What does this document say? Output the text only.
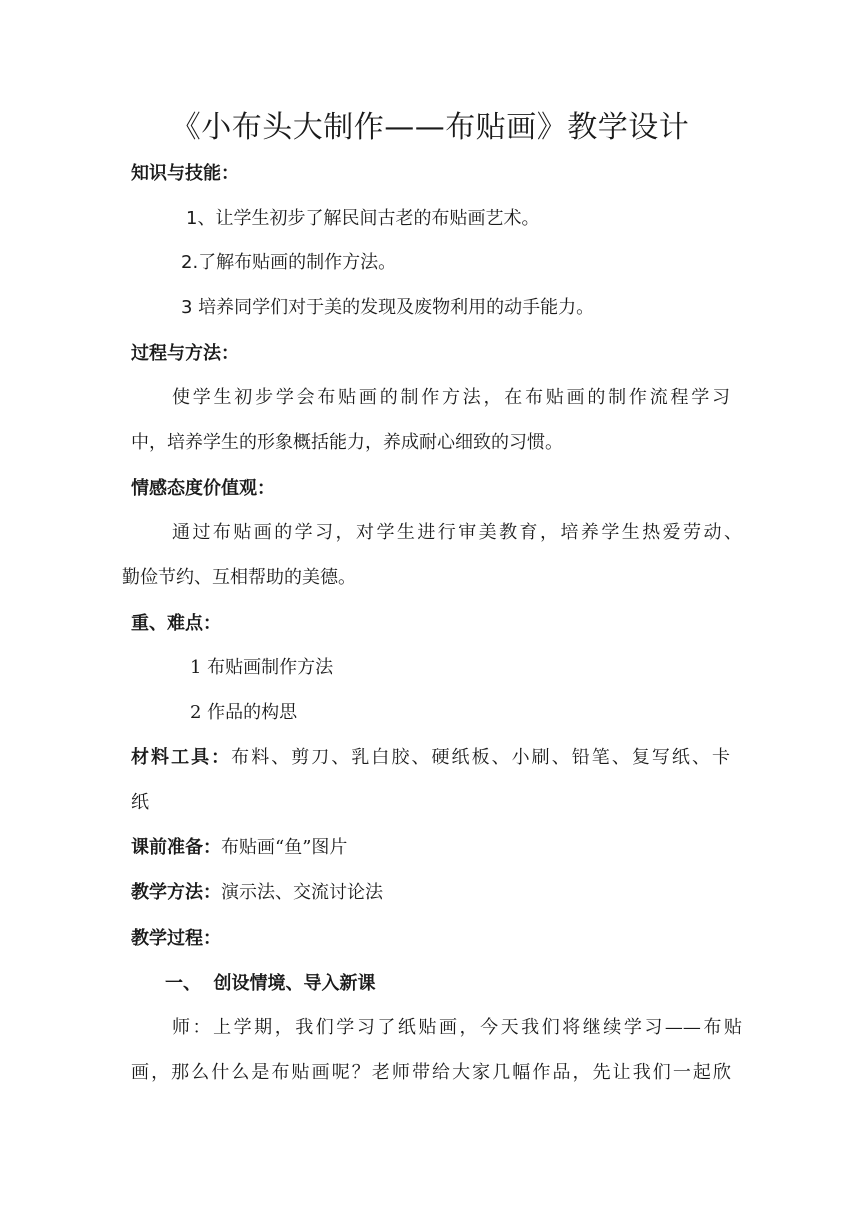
《小布头大制作——布贴画》教学设计
知识与技能：
1、让学生初步了解民间古老的布贴画艺术。
2.了解布贴画的制作方法。
3 培养同学们对于美的发现及废物利用的动手能力。
过程与方法：
使学生初步学会布贴画的制作方法，在布贴画的制作流程学习
中，培养学生的形象概括能力，养成耐心细致的习惯。
情感态度价值观：
通过布贴画的学习，对学生进行审美教育，培养学生热爱劳动、
勤俭节约、互相帮助的美德。
重、难点：
1 布贴画制作方法
2 作品的构思
材料工具：布料、剪刀、乳白胶、硬纸板、小刷、铅笔、复写纸、卡
纸
课前准备：布贴画“鱼”图片
教学方法：演示法、交流讨论法
教学过程：
一、  创设情境、导入新课
师：上学期，我们学习了纸贴画，今天我们将继续学习——布贴
画，那么什么是布贴画呢？老师带给大家几幅作品，先让我们一起欣
